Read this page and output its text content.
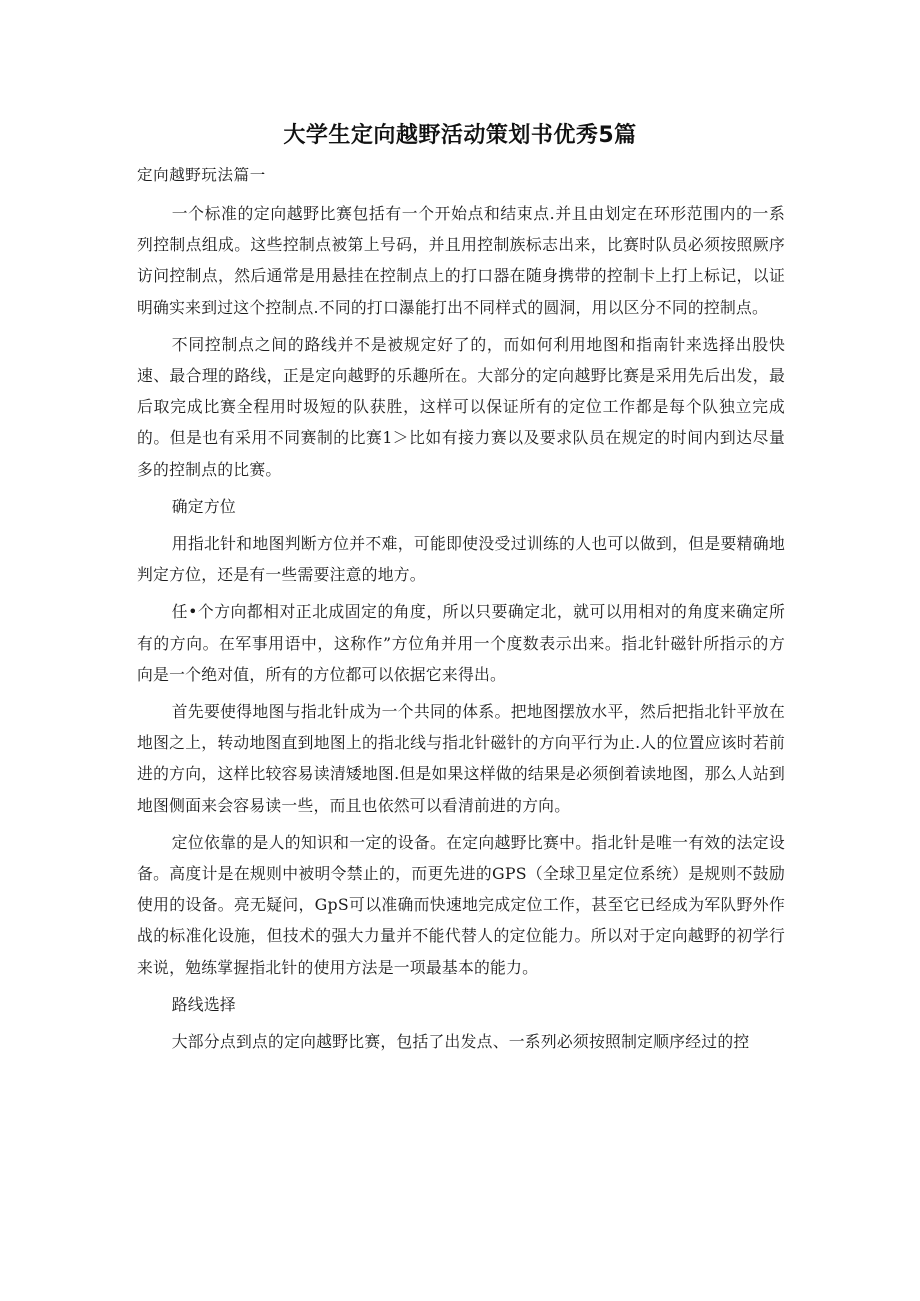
大学生定向越野活动策划书优秀5篇
定向越野玩法篇一

一个标准的定向越野比赛包括有一个开始点和结束点.并且由划定在环形范围内的一系列控制点组成。这些控制点被第上号码，并且用控制族标志出来，比赛时队员必须按照厥序访问控制点，然后通常是用悬挂在控制点上的打口器在随身携带的控制卡上打上标记，以证明确实来到过这个控制点.不同的打口瀑能打出不同样式的圆洞，用以区分不同的控制点。

不同控制点之间的路线并不是被规定好了的，而如何利用地图和指南针来选择出股快速、最合理的路线，正是定向越野的乐趣所在。大部分的定向越野比赛是采用先后出发，最后取完成比赛全程用时圾短的队获胜，这样可以保证所有的定位工作都是每个队独立完成的。但是也有采用不同赛制的比赛1＞比如有接力赛以及要求队员在规定的时间内到达尽量多的控制点的比赛。

确定方位

用指北针和地图判断方位并不难，可能即使没受过训练的人也可以做到，但是要精确地判定方位，还是有一些需要注意的地方。

任•个方向都相对正北成固定的角度，所以只要确定北，就可以用相对的角度来确定所有的方向。在军事用语中，这称作”方位角并用一个度数表示出来。指北针磁针所指示的方向是一个绝对值，所有的方位都可以依据它来得出。

首先要使得地图与指北针成为一个共同的体系。把地图摆放水平，然后把指北针平放在地图之上，转动地图直到地图上的指北线与指北针磁针的方向平行为止.人的位置应该时若前进的方向，这样比较容易读清矮地图.但是如果这样做的结果是必须倒着读地图，那么人站到地图侧面来会容易读一些，而且也依然可以看清前进的方向。

定位依靠的是人的知识和一定的设备。在定向越野比赛中。指北针是唯一有效的法定设备。高度计是在规则中被明令禁止的，而更先进的GPS（全球卫星定位系统）是规则不鼓励使用的设备。亮无疑问，GpS可以准确而快速地完成定位工作，甚至它已经成为军队野外作战的标准化设施，但技术的强大力量并不能代替人的定位能力。所以对于定向越野的初学行来说，勉练掌握指北针的使用方法是一项最基本的能力。

路线选择

大部分点到点的定向越野比赛，包括了出发点、一系列必须按照制定顺序经过的控
